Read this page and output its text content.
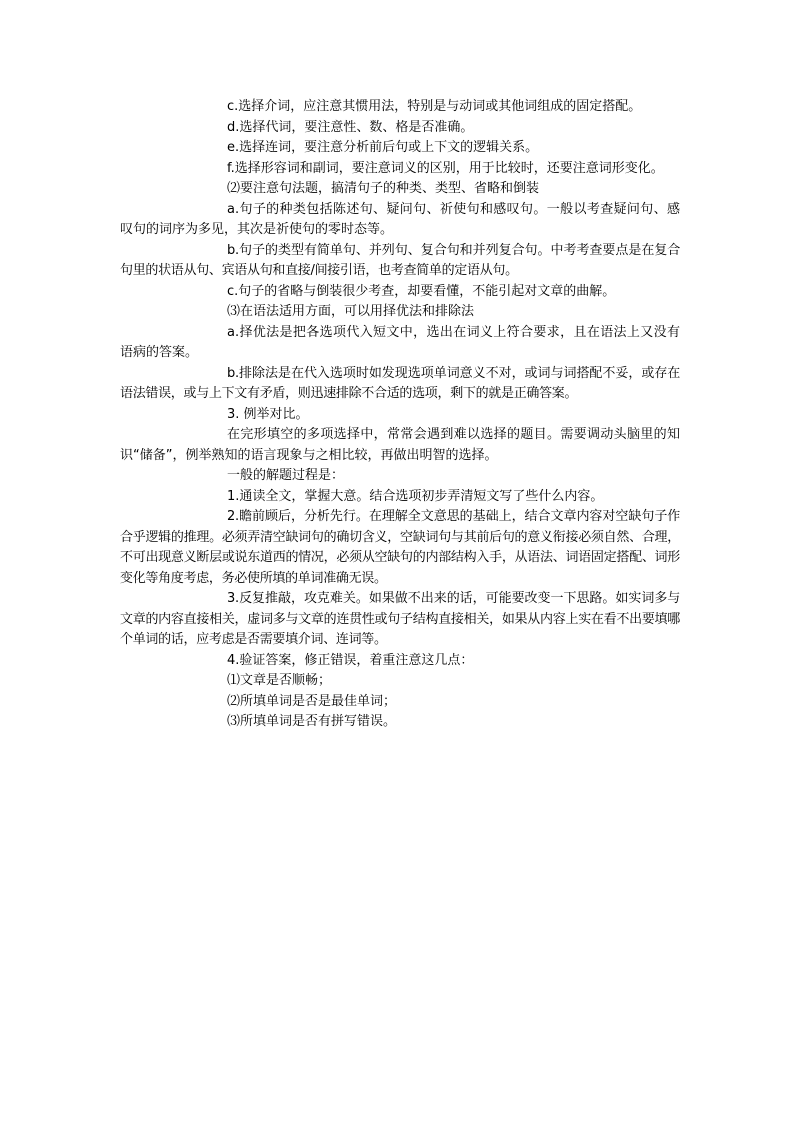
c.选择介词，应注意其惯用法，特别是与动词或其他词组成的固定搭配。

d.选择代词，要注意性、数、格是否准确。

e.选择连词，要注意分析前后句或上下文的逻辑关系。

f.选择形容词和副词，要注意词义的区别，用于比较时，还要注意词形变化。

⑵要注意句法题，搞清句子的种类、类型、省略和倒装

a.句子的种类包括陈述句、疑问句、祈使句和感叹句。一般以考查疑问句、感叹句的词序为多见，其次是祈使句的零时态等。

b.句子的类型有简单句、并列句、复合句和并列复合句。中考考查要点是在复合句里的状语从句、宾语从句和直接/间接引语，也考查简单的定语从句。

c.句子的省略与倒装很少考查，却要看懂，不能引起对文章的曲解。

⑶在语法适用方面，可以用择优法和排除法

a.择优法是把各选项代入短文中，选出在词义上符合要求，且在语法上又没有语病的答案。

b.排除法是在代入选项时如发现选项单词意义不对，或词与词搭配不妥，或存在语法错误，或与上下文有矛盾，则迅速排除不合适的选项，剩下的就是正确答案。

3. 例举对比。

在完形填空的多项选择中，常常会遇到难以选择的题目。需要调动头脑里的知识“储备”，例举熟知的语言现象与之相比较，再做出明智的选择。

一般的解题过程是：

1.通读全文，掌握大意。结合选项初步弄清短文写了些什么内容。

2.瞻前顾后，分析先行。在理解全文意思的基础上，结合文章内容对空缺句子作合乎逻辑的推理。必须弄清空缺词句的确切含义，空缺词句与其前后句的意义衔接必须自然、合理，不可出现意义断层或说东道西的情况，必须从空缺句的内部结构入手，从语法、词语固定搭配、词形变化等角度考虑，务必使所填的单词准确无误。

3.反复推敲，攻克难关。如果做不出来的话，可能要改变一下思路。如实词多与文章的内容直接相关，虚词多与文章的连贯性或句子结构直接相关，如果从内容上实在看不出要填哪个单词的话，应考虑是否需要填介词、连词等。

4.验证答案，修正错误，着重注意这几点：

⑴文章是否顺畅；

⑵所填单词是否是最佳单词；

⑶所填单词是否有拼写错误。
